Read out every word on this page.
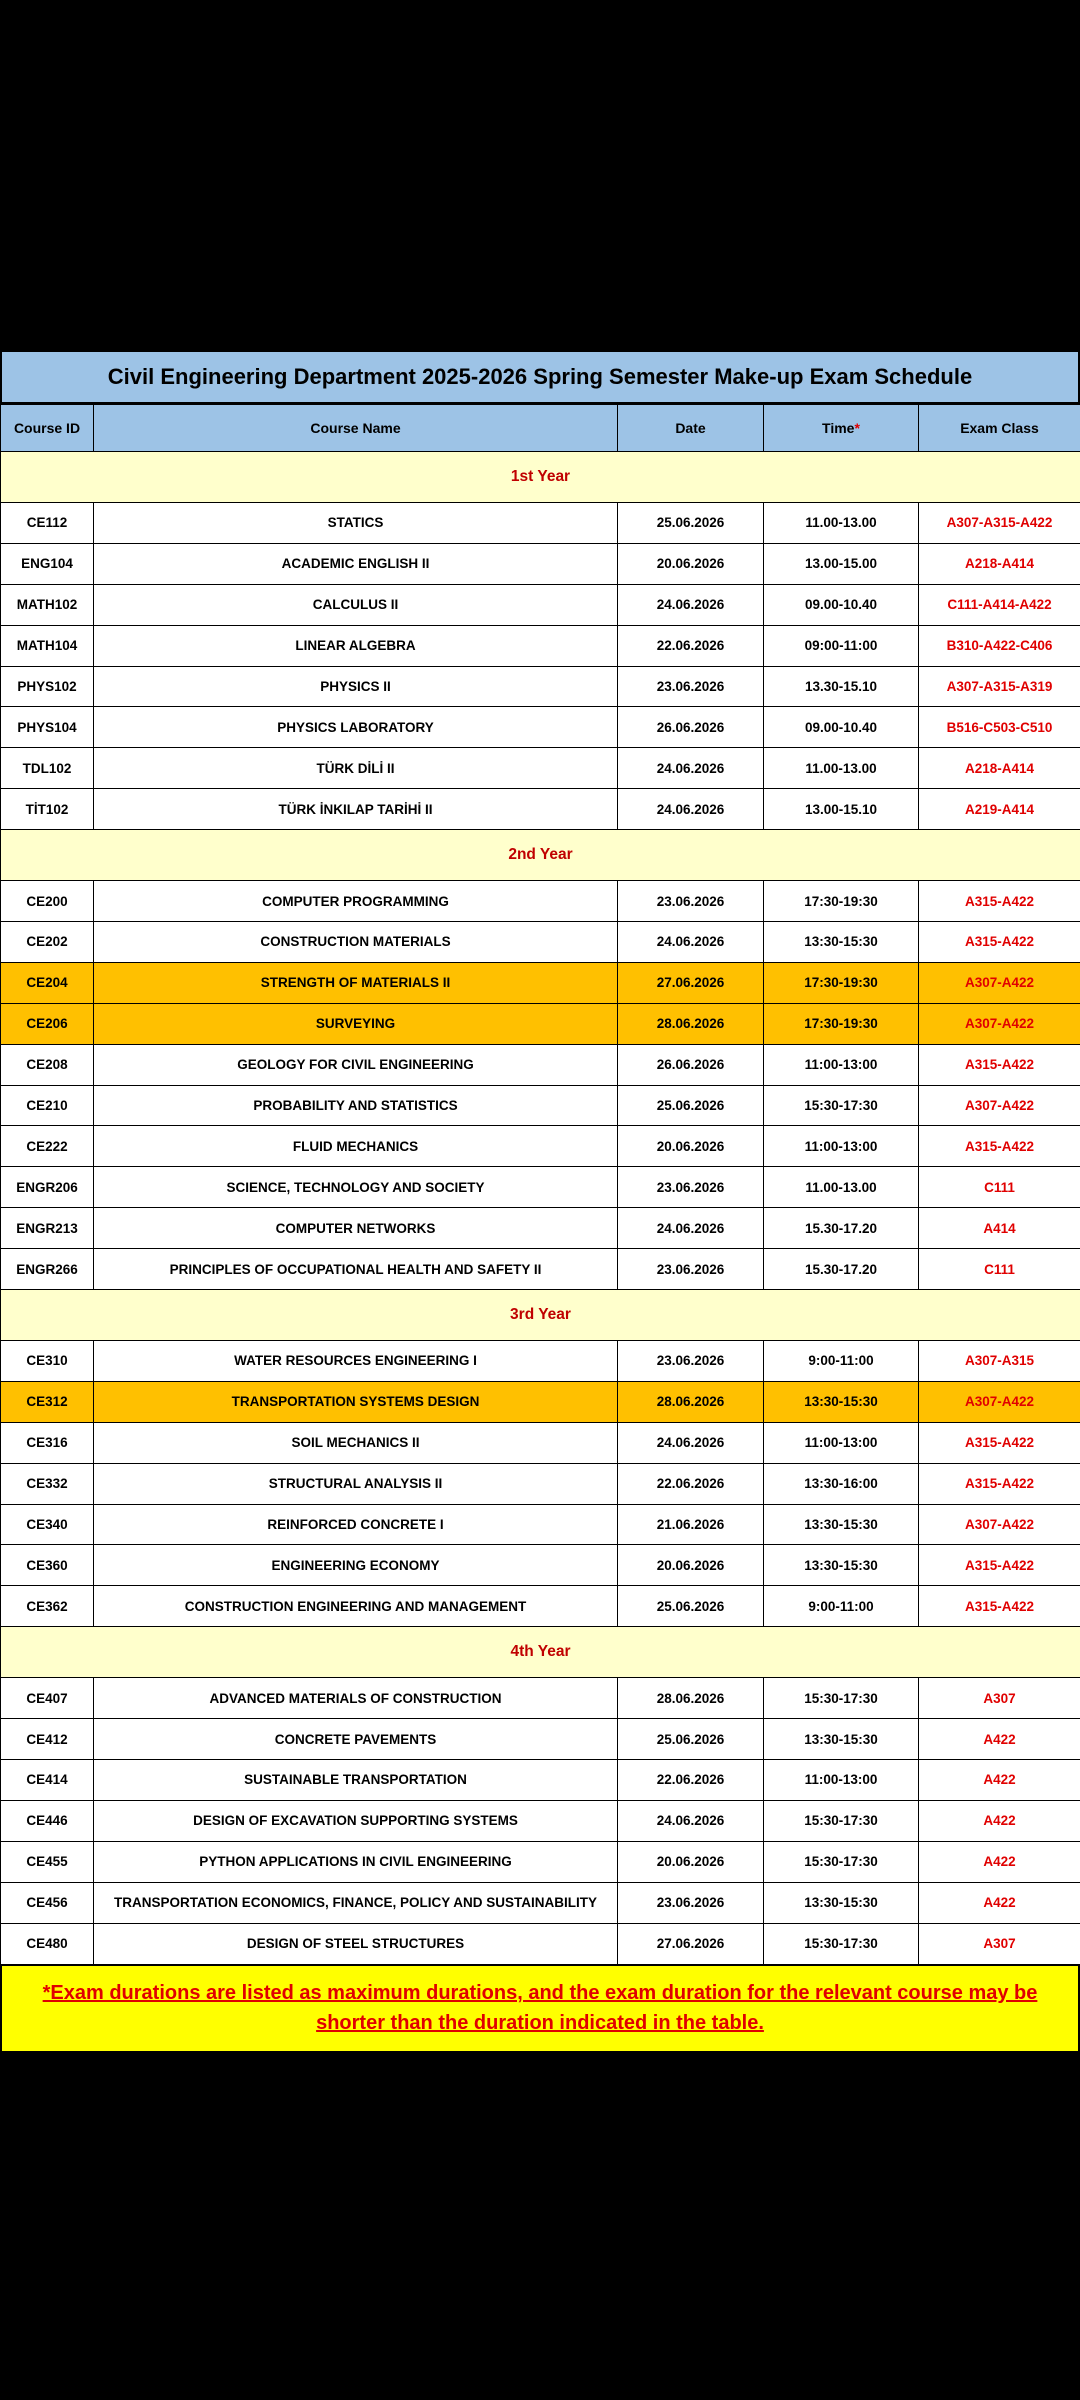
Civil Engineering Department 2025-2026 Spring Semester Make-up Exam Schedule
Course ID	Course Name	Date	Time*	Exam Class
1st Year				
CE112	STATICS	25.06.2026	11.00-13.00	A307-A315-A422
ENG104	ACADEMIC ENGLISH II	20.06.2026	13.00-15.00	A218-A414
MATH102	CALCULUS II	24.06.2026	09.00-10.40	C111-A414-A422
MATH104	LINEAR ALGEBRA	22.06.2026	09:00-11:00	B310-A422-C406
PHYS102	PHYSICS II	23.06.2026	13.30-15.10	A307-A315-A319
PHYS104	PHYSICS LABORATORY	26.06.2026	09.00-10.40	B516-C503-C510
TDL102	TÜRK DİLİ II	24.06.2026	11.00-13.00	A218-A414
TİT102	TÜRK İNKILAP TARİHİ II	24.06.2026	13.00-15.10	A219-A414
2nd Year				
CE200	COMPUTER PROGRAMMING	23.06.2026	17:30-19:30	A315-A422
CE202	CONSTRUCTION MATERIALS	24.06.2026	13:30-15:30	A315-A422
CE204	STRENGTH OF MATERIALS II	27.06.2026	17:30-19:30	A307-A422
CE206	SURVEYING	28.06.2026	17:30-19:30	A307-A422
CE208	GEOLOGY FOR CIVIL ENGINEERING	26.06.2026	11:00-13:00	A315-A422
CE210	PROBABILITY AND STATISTICS	25.06.2026	15:30-17:30	A307-A422
CE222	FLUID MECHANICS	20.06.2026	11:00-13:00	A315-A422
ENGR206	SCIENCE, TECHNOLOGY AND SOCIETY	23.06.2026	11.00-13.00	C111
ENGR213	COMPUTER NETWORKS	24.06.2026	15.30-17.20	A414
ENGR266	PRINCIPLES OF OCCUPATIONAL HEALTH AND SAFETY II	23.06.2026	15.30-17.20	C111
3rd Year				
CE310	WATER RESOURCES ENGINEERING I	23.06.2026	9:00-11:00	A307-A315
CE312	TRANSPORTATION SYSTEMS DESIGN	28.06.2026	13:30-15:30	A307-A422
CE316	SOIL MECHANICS II	24.06.2026	11:00-13:00	A315-A422
CE332	STRUCTURAL ANALYSIS II	22.06.2026	13:30-16:00	A315-A422
CE340	REINFORCED CONCRETE I	21.06.2026	13:30-15:30	A307-A422
CE360	ENGINEERING ECONOMY	20.06.2026	13:30-15:30	A315-A422
CE362	CONSTRUCTION ENGINEERING AND MANAGEMENT	25.06.2026	9:00-11:00	A315-A422
4th Year				
CE407	ADVANCED MATERIALS OF CONSTRUCTION	28.06.2026	15:30-17:30	A307
CE412	CONCRETE PAVEMENTS	25.06.2026	13:30-15:30	A422
CE414	SUSTAINABLE TRANSPORTATION	22.06.2026	11:00-13:00	A422
CE446	DESIGN OF EXCAVATION SUPPORTING SYSTEMS	24.06.2026	15:30-17:30	A422
CE455	PYTHON APPLICATIONS IN CIVIL ENGINEERING	20.06.2026	15:30-17:30	A422
CE456	TRANSPORTATION ECONOMICS, FINANCE, POLICY AND SUSTAINABILITY	23.06.2026	13:30-15:30	A422
CE480	DESIGN OF STEEL STRUCTURES	27.06.2026	15:30-17:30	A307
*Exam durations are listed as maximum durations, and the exam duration for the relevant course may be shorter than the duration indicated in the table.
